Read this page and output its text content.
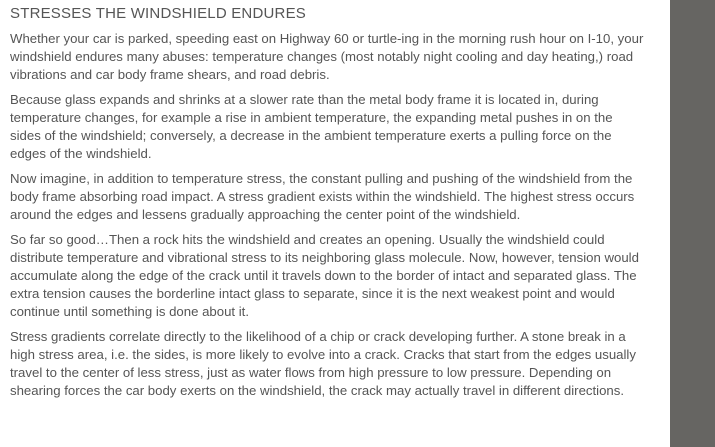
STRESSES THE WINDSHIELD ENDURES

Whether your car is parked, speeding east on Highway 60 or turtle-ing in the morning rush hour on I-10, your windshield endures many abuses: temperature changes (most notably night cooling and day heating,) road vibrations and car body frame shears, and road debris.

Because glass expands and shrinks at a slower rate than the metal body frame it is located in, during temperature changes, for example a rise in ambient temperature, the expanding metal pushes in on the sides of the windshield; conversely, a decrease in the ambient temperature exerts a pulling force on the edges of the windshield.

Now imagine, in addition to temperature stress, the constant pulling and pushing of the windshield from the body frame absorbing road impact. A stress gradient exists within the windshield. The highest stress occurs around the edges and lessens gradually approaching the center point of the windshield.

So far so good…Then a rock hits the windshield and creates an opening. Usually the windshield could distribute temperature and vibrational stress to its neighboring glass molecule. Now, however, tension would accumulate along the edge of the crack until it travels down to the border of intact and separated glass. The extra tension causes the borderline intact glass to separate, since it is the next weakest point and would continue until something is done about it.

Stress gradients correlate directly to the likelihood of a chip or crack developing further. A stone break in a high stress area, i.e. the sides, is more likely to evolve into a crack. Cracks that start from the edges usually travel to the center of less stress, just as water flows from high pressure to low pressure. Depending on shearing forces the car body exerts on the windshield, the crack may actually travel in different directions.
